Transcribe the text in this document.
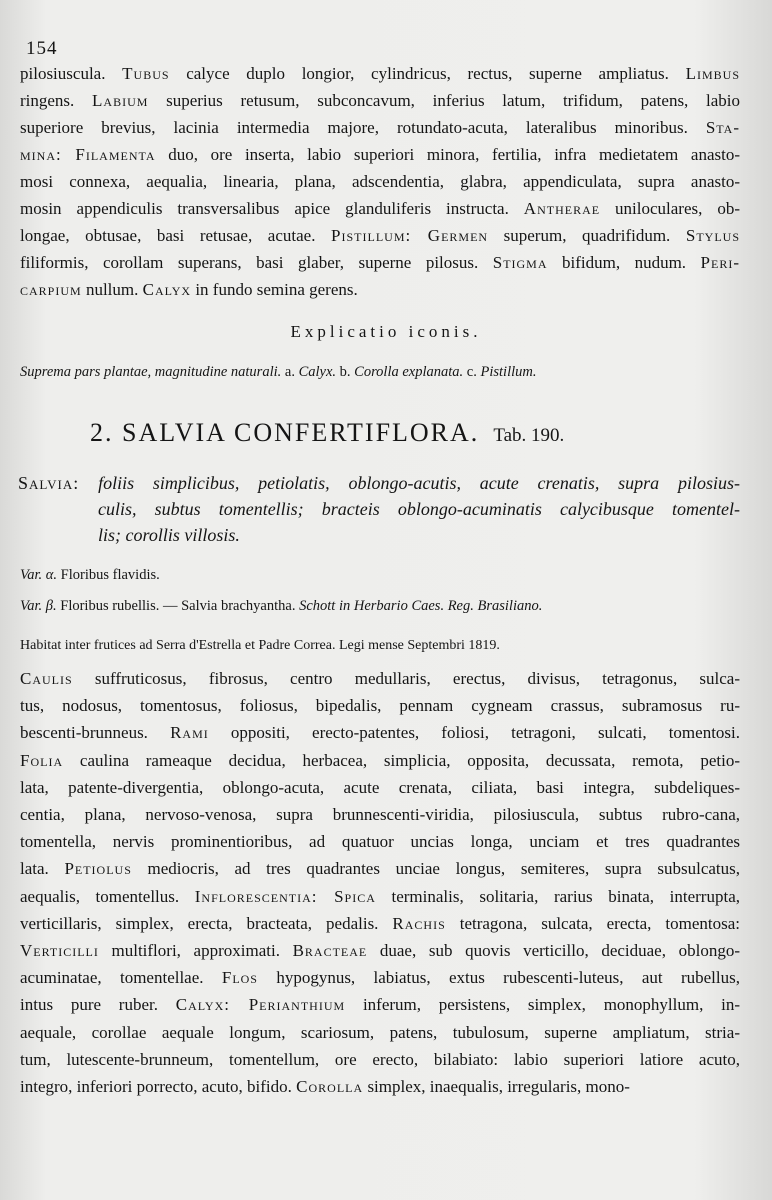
154
pilosiuscula. Tubus calyce duplo longior, cylindricus, rectus, superne ampliatus. Limbus
ringens. Labium superius retusum, subconcavum, inferius latum, trifidum, patens, labio
superiore brevius, lacinia intermedia majore, rotundato-acuta, lateralibus minoribus. Sta-
mina: Filamenta duo, ore inserta, labio superiori minora, fertilia, infra medietatem anasto-
mosi connexa, aequalia, linearia, plana, adscendentia, glabra, appendiculata, supra anasto-
mosin appendiculis transversalibus apice glanduliferis instructa. Antherae uniloculares, ob-
longae, obtusae, basi retusae, acutae. Pistillum: Germen superum, quadrifidum. Stylus
filiformis, corollam superans, basi glaber, superne pilosus. Stigma bifidum, nudum. Peri-
carpium nullum. Calyx in fundo semina gerens.
Explicatio iconis.
Suprema pars plantae, magnitudine naturali. a. Calyx. b. Corolla explanata. c. Pistillum.
2. SALVIA CONFERTIFLORA. Tab. 190.
Salvia: foliis simplicibus, petiolatis, oblongo-acutis, acute crenatis, supra pilosius-
culis, subtus tomentellis; bracteis oblongo-acuminatis calycibusque tomentel-
lis; corollis villosis.
Var. α. Floribus flavidis.
Var. β. Floribus rubellis. — Salvia brachyantha. Schott in Herbario Caes. Reg. Brasiliano.
Habitat inter frutices ad Serra d'Estrella et Padre Correa. Legi mense Septembri 1819.
Caulis suffruticosus, fibrosus, centro medullaris, erectus, divisus, tetragonus, sulca-
tus, nodosus, tomentosus, foliosus, bipedalis, pennam cygneam crassus, subramosus ru-
bescenti-brunneus. Rami oppositi, erecto-patentes, foliosi, tetragoni, sulcati, tomentosi.
Folia caulina rameaque decidua, herbacea, simplicia, opposita, decussata, remota, petio-
lata, patente-divergentia, oblongo-acuta, acute crenata, ciliata, basi integra, subdeliques-
centia, plana, nervoso-venosa, supra brunnescenti-viridia, pilosiuscula, subtus rubro-cana,
tomentella, nervis prominentioribus, ad quatuor uncias longa, unciam et tres quadrantes
lata. Petiolus mediocris, ad tres quadrantes unciae longus, semiteres, supra subsulcatus,
aequalis, tomentellus. Inflorescentia: Spica terminalis, solitaria, rarius binata, interrupta,
verticillaris, simplex, erecta, bracteata, pedalis. Rachis tetragona, sulcata, erecta, tomentosa:
Verticilli multiflori, approximati. Bracteae duae, sub quovis verticillo, deciduae, oblongo-
acuminatae, tomentellae. Flos hypogynus, labiatus, extus rubescenti-luteus, aut rubellus,
intus pure ruber. Calyx: Perianthium inferum, persistens, simplex, monophyllum, in-
aequale, corollae aequale longum, scariosum, patens, tubulosum, superne ampliatum, stria-
tum, lutescente-brunneum, tomentellum, ore erecto, bilabiato: labio superiori latiore acuto,
integro, inferiori porrecto, acuto, bifido. Corolla simplex, inaequalis, irregularis, mono-
